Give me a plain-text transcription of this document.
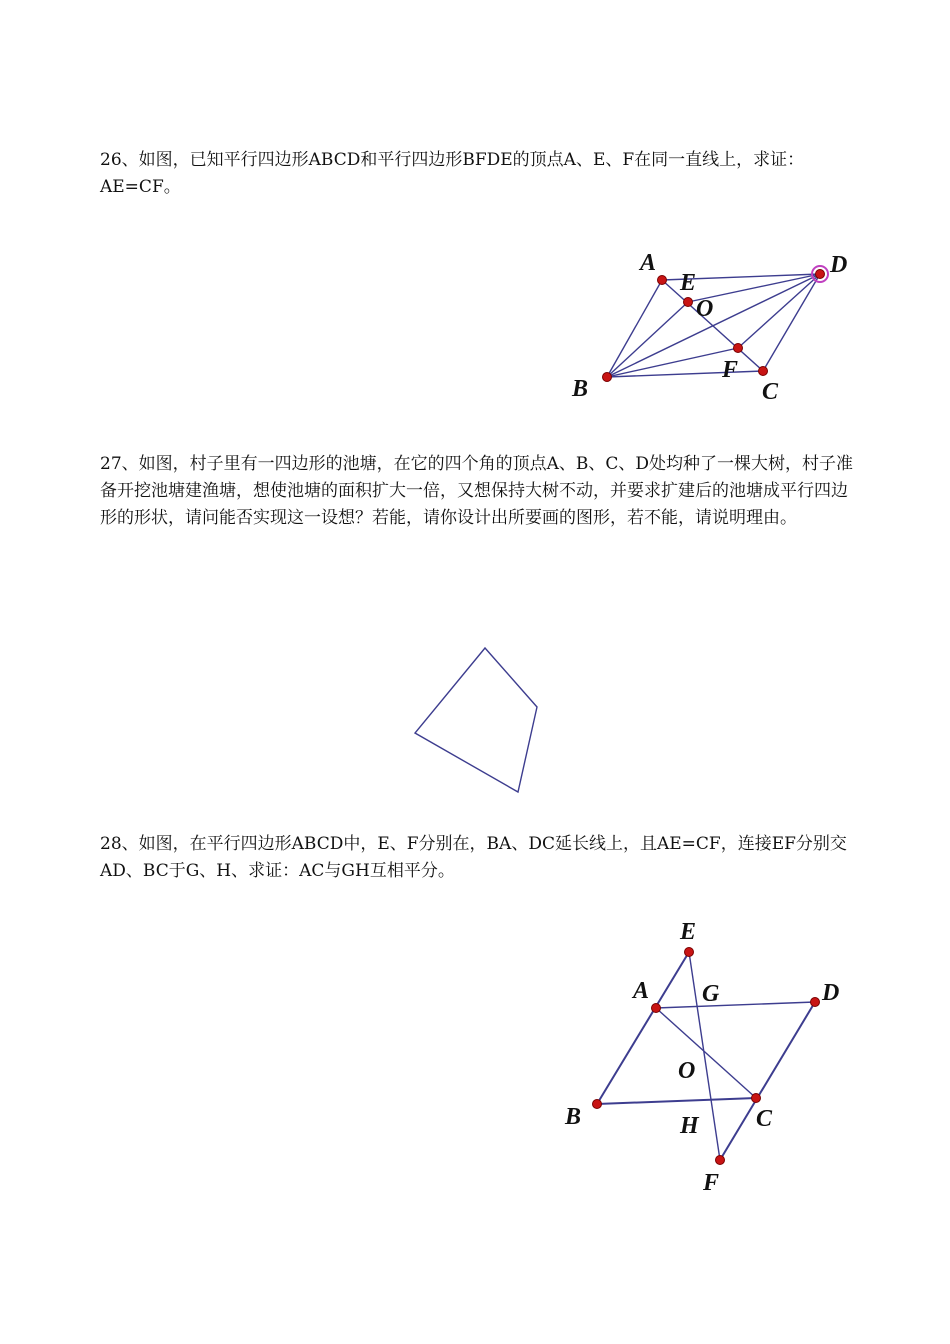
26、如图，已知平行四边形ABCD和平行四边形BFDE的顶点A、E、F在同一直线上，求证：AE=CF。

A
E
O
D
B
F
C

27、如图，村子里有一四边形的池塘，在它的四个角的顶点A、B、C、D处均种了一棵大树，村子准备开挖池塘建渔塘，想使池塘的面积扩大一倍，又想保持大树不动，并要求扩建后的池塘成平行四边形的形状，请问能否实现这一设想？若能，请你设计出所要画的图形，若不能，请说明理由。

28、如图，在平行四边形ABCD中，E、F分别在，BA、DC延长线上，且AE=CF，连接EF分别交AD、BC于G、H、求证：AC与GH互相平分。

E
A G	D
O
B	H C
F
